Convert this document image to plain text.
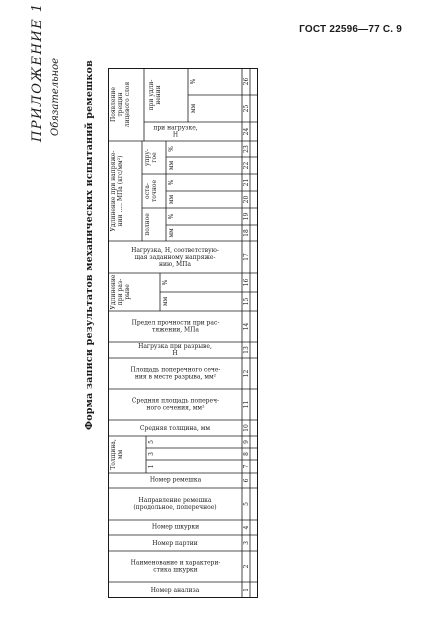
ГОСТ 22596—77 С. 9
ПРИЛОЖЕНИЕ 1 Обязательное Форма записи результатов механических испытаний ремешков
1
Номер анализа
2
Наименование и характери-
стика шкурки
3
Номер партии
4
Номер шкурки
5
Направление ремешка
(продольное, поперечное)
6
Номер ремешка
7
1
8
3
9
5
10
Средняя толщина, мм
11
Средняя площадь попереч-
ного сечения, мм²
12
Площадь поперечного сече-
ния в месте разрыва, мм²
13
Нагрузка при разрыве,
Н
14
Предел прочности при рас-
тяжении, МПа
15
мм
16
%
17
Нагрузка, Н, соответствую-
щая заданному напряже-
нию, МПа
18
мм
19
%
20
мм
21
%
22
мм
23
%
24
при нагрузке,
Н
25
мм
26
%
Толщина,
мм
Удлинение
при раз-
рыве
Удлинение при напряже-
нии ..... МПа (кгс/мм²)
полное
оста-
точное
упру-
гое
Появление
трещин
лицевого слоя
при удли-
нении
